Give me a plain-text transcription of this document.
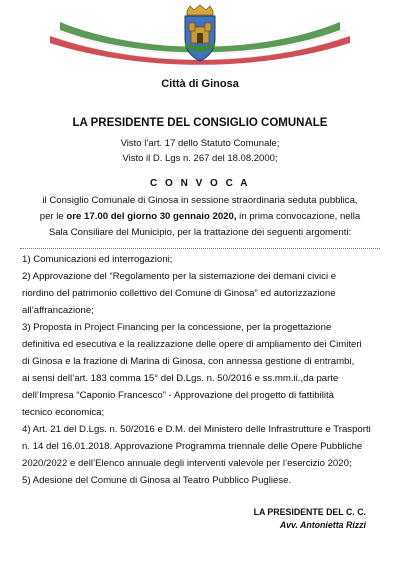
Città di Ginosa
LA PRESIDENTE DEL CONSIGLIO COMUNALE
Visto l’art. 17 dello Statuto Comunale;
Visto il D. Lgs n. 267 del 18.08.2000;
C O N V O C A
il Consiglio Comunale di Ginosa in sessione straordinaria seduta pubblica,
per le ore 17.00 del giorno 30 gennaio 2020, in prima convocazione, nella
Sala Consiliare del Municipio, per la trattazione dei seguenti argomenti:
1) Comunicazioni ed interrogazioni;
2) Approvazione del “Regolamento per la sistemazione dei demani civici e
riordino del patrimonio collettivo del Comune di Ginosa” ed autorizzazione
all’affrancazione;
3) Proposta in Project Financing per la concessione, per la progettazione
definitiva ed esecutiva e la realizzazione delle opere di ampliamento dei Cimiteri
di Ginosa e la frazione di Marina di Ginosa, con annessa gestione di entrambi,
ai sensi dell’art. 183 comma 15° del D.Lgs. n. 50/2016 e ss.mm.ii.,da parte
dell’Impresa “Caponio Francesco” - Approvazione del progetto di fattibilità
tecnico economica;
4) Art. 21 del D.Lgs. n. 50/2016 e D.M. del Ministero delle Infrastrutture e Trasporti
n. 14 del 16.01.2018. Approvazione Programma triennale delle Opere Pubbliche
2020/2022 e dell’Elenco annuale degli interventi valevole per l’esercizio 2020;
5) Adesione del Comune di Ginosa al Teatro Pubblico Pugliese.
LA PRESIDENTE DEL C. C.
Avv. Antonietta Rizzi
